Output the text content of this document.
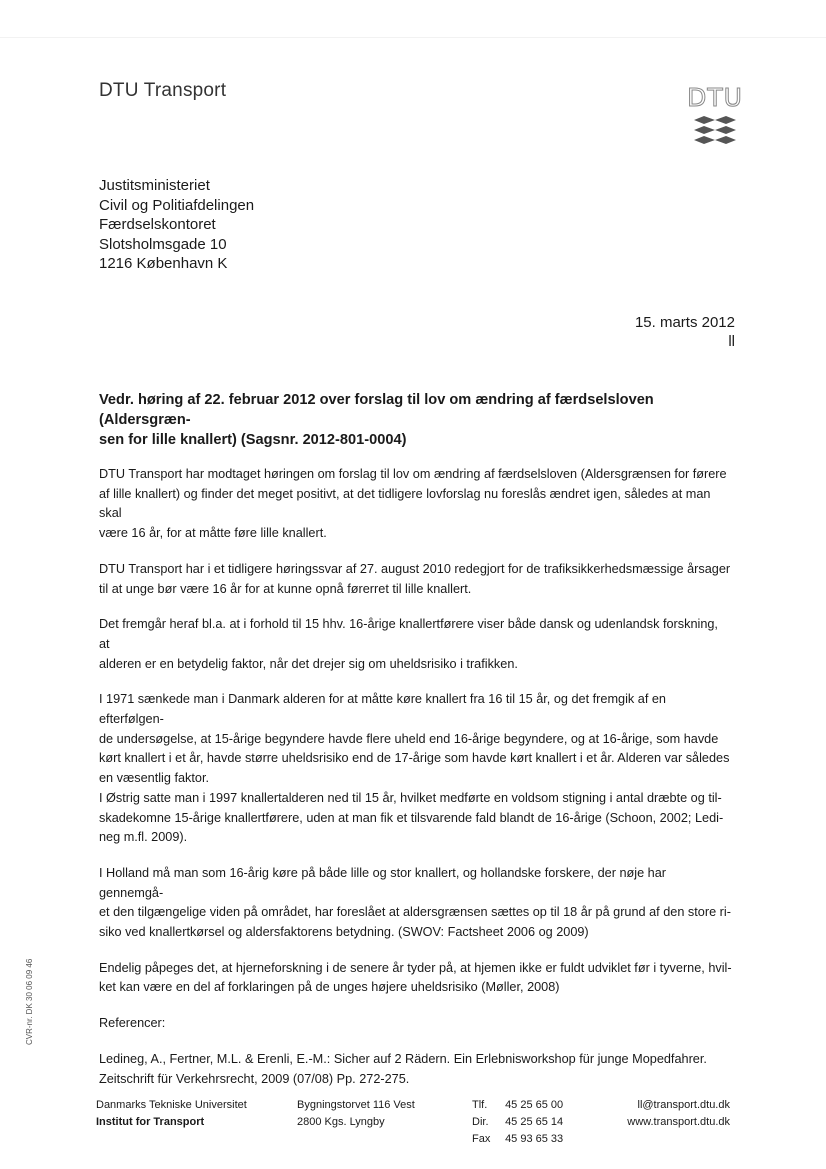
DTU Transport	DTU
Justitsministeriet
Civil og Politiafdelingen
Færdselskontoret
Slotsholmsgade 10
1216 København K
15. marts 2012
ll
Vedr. høring af 22. februar 2012 over forslag til lov om ændring af færdselsloven (Aldersgræn-
sen for lille knallert) (Sagsnr. 2012-801-0004)
DTU Transport har modtaget høringen om forslag til lov om ændring af færdselsloven (Aldersgrænsen for førere
af lille knallert) og finder det meget positivt, at det tidligere lovforslag nu foreslås ændret igen, således at man skal
være 16 år, for at måtte føre lille knallert.
DTU Transport har i et tidligere høringssvar af 27. august 2010 redegjort for de trafiksikkerhedsmæssige årsager
til at unge bør være 16 år for at kunne opnå førerret til lille knallert.
Det fremgår heraf bl.a. at i forhold til 15 hhv. 16-årige knallertførere viser både dansk og udenlandsk forskning, at
alderen er en betydelig faktor, når det drejer sig om uheldsrisiko i trafikken.
I 1971 sænkede man i Danmark alderen for at måtte køre knallert fra 16 til 15 år, og det fremgik af en efterfølgen-
de undersøgelse, at 15-årige begyndere havde flere uheld end 16-årige begyndere, og at 16-årige, som havde
kørt knallert i et år, havde større uheldsrisiko end de 17-årige som havde kørt knallert i et år. Alderen var således
en væsentlig faktor.
I Østrig satte man i 1997 knallertalderen ned til 15 år, hvilket medførte en voldsom stigning i antal dræbte og til-
skadekomne 15-årige knallertførere, uden at man fik et tilsvarende fald blandt de 16-årige (Schoon, 2002; Ledi-
neg m.fl. 2009).
I Holland må man som 16-årig køre på både lille og stor knallert, og hollandske forskere, der nøje har gennemgå-
et den tilgængelige viden på området, har foreslået at aldersgrænsen sættes op til 18 år på grund af den store ri-
siko ved knallertkørsel og aldersfaktorens betydning. (SWOV: Factsheet 2006 og 2009)
Endelig påpeges det, at hjerneforskning i de senere år tyder på, at hjemen ikke er fuldt udviklet før i tyverne, hvil-
ket kan være en del af forklaringen på de unges højere uheldsrisiko (Møller, 2008)
Referencer:
Ledineg, A., Fertner, M.L. & Erenli, E.-M.: Sicher auf 2 Rädern. Ein Erlebnisworkshop für junge Mopedfahrer.
Zeitschrift für Verkehrsrecht, 2009 (07/08) Pp. 272-275.
CVR-nr. DK 30 06 09 46
Danmarks Tekniske Universitet
Institut for Transport
Bygningstorvet 116 Vest
2800 Kgs. Lyngby
Tlf. 45 25 65 00
Dir. 45 25 65 14
Fax 45 93 65 33
ll@transport.dtu.dk
www.transport.dtu.dk
